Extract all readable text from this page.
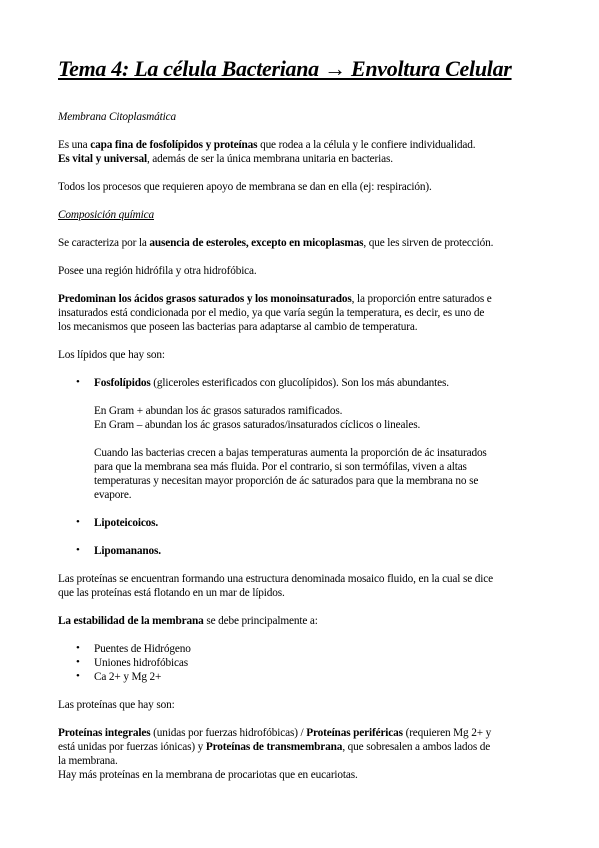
Tema 4: La célula Bacteriana → Envoltura Celular
Membrana Citoplasmática
Es una capa fina de fosfolípidos y proteínas que rodea a la célula y le confiere individualidad.
Es vital y universal, además de ser la única membrana unitaria en bacterias.
Todos los procesos que requieren apoyo de membrana se dan en ella (ej: respiración).
Composición química
Se caracteriza por la ausencia de esteroles, excepto en micoplasmas, que les sirven de protección.
Posee una región hidrófila y otra hidrofóbica.
Predominan los ácidos grasos saturados y los monoinsaturados, la proporción entre saturados e
insaturados está condicionada por el medio, ya que varía según la temperatura, es decir, es uno de
los mecanismos que poseen las bacterias para adaptarse al cambio de temperatura.
Los lípidos que hay son:
• Fosfolípidos (gliceroles esterificados con glucolípidos). Son los más abundantes.
En Gram + abundan los ác grasos saturados ramificados.
En Gram – abundan los ác grasos saturados/insaturados cíclicos o lineales.
Cuando las bacterias crecen a bajas temperaturas aumenta la proporción de ác insaturados
para que la membrana sea más fluida. Por el contrario, si son termófilas, viven a altas
temperaturas y necesitan mayor proporción de ác saturados para que la membrana no se
evapore.
• Lipoteicoicos.
• Lipomananos.
Las proteínas se encuentran formando una estructura denominada mosaico fluido, en la cual se dice
que las proteínas está flotando en un mar de lípidos.
La estabilidad de la membrana se debe principalmente a:
• Puentes de Hidrógeno
• Uniones hidrofóbicas
• Ca 2+ y Mg 2+
Las proteínas que hay son:
Proteínas integrales (unidas por fuerzas hidrofóbicas) / Proteínas periféricas (requieren Mg 2+ y
está unidas por fuerzas iónicas) y Proteínas de transmembrana, que sobresalen a ambos lados de
la membrana.
Hay más proteínas en la membrana de procariotas que en eucariotas.
